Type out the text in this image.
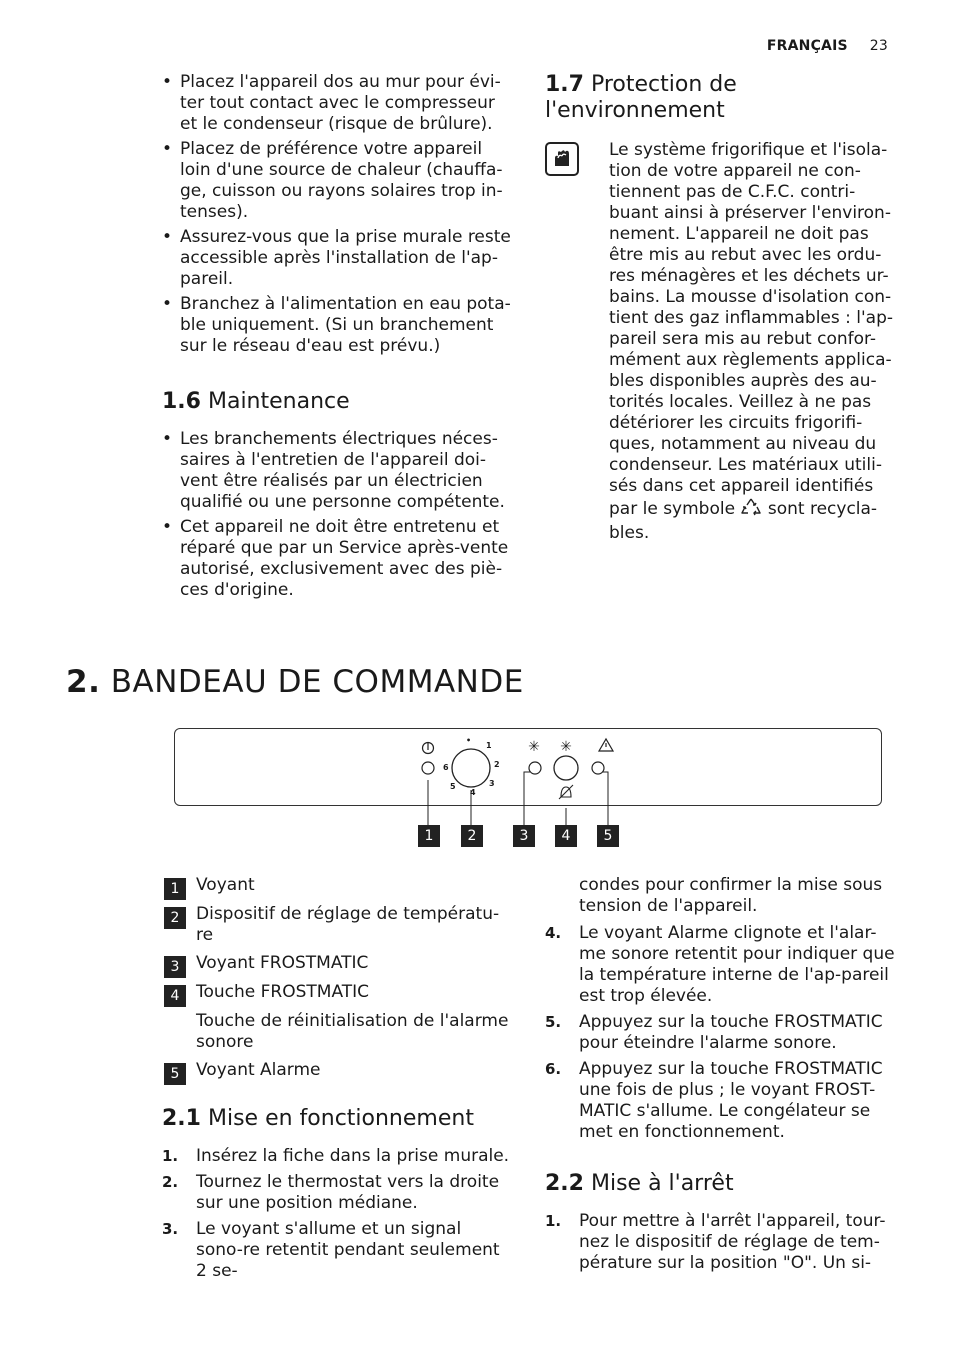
FRANÇAIS 23
• Placez l'appareil dos au mur pour évi-ter tout contact avec le compresseur et le condenseur (risque de brûlure).
• Placez de préférence votre appareil loin d'une source de chaleur (chauffa-ge, cuisson ou rayons solaires trop in-tenses).
• Assurez-vous que la prise murale reste accessible après l'installation de l'ap-pareil.
• Branchez à l'alimentation en eau pota-ble uniquement. (Si un branchement sur le réseau d'eau est prévu.)
1.6 Maintenance
• Les branchements électriques néces-saires à l'entretien de l'appareil doi-vent être réalisés par un électricien qualifié ou une personne compétente.
• Cet appareil ne doit être entretenu et réparé que par un Service après-vente autorisé, exclusivement avec des piè-ces d'origine.
1.7 Protection de l'environnement
Le système frigorifique et l'isola-tion de votre appareil ne con-tiennent pas de C.F.C. contri-buant ainsi à préserver l'environ-nement. L'appareil ne doit pas être mis au rebut avec les ordu-res ménagères et les déchets ur-bains. La mousse d'isolation con-tient des gaz inflammables : l'ap-pareil sera mis au rebut confor-mément aux règlements applica-bles disponibles auprès des au-torités locales. Veillez à ne pas détériorer les circuits frigorifi-ques, notamment au niveau du condenseur. Les matériaux utili-sés dans cet appareil identifiés par le symbole sont recycla-bles.
2. BANDEAU DE COMMANDE
✳ ✳
•
1
2
3
4
5
6
1	2	3	4	5
1 Voyant
2 Dispositif de réglage de températu-re
3 Voyant FROSTMATIC
4 Touche FROSTMATIC
Touche de réinitialisation de l'alarme sonore
5 Voyant Alarme
2.1 Mise en fonctionnement
1. Insérez la fiche dans la prise murale.
2. Tournez le thermostat vers la droite sur une position médiane.
3. Le voyant s'allume et un signal sono-re retentit pendant seulement 2 se-
condes pour confirmer la mise sous tension de l'appareil.
4. Le voyant Alarme clignote et l'alar-me sonore retentit pour indiquer que la température interne de l'ap-pareil est trop élevée.
5. Appuyez sur la touche FROSTMATIC pour éteindre l'alarme sonore.
6. Appuyez sur la touche FROSTMATIC une fois de plus ; le voyant FROST-MATIC s'allume. Le congélateur se met en fonctionnement.
2.2 Mise à l'arrêt
1. Pour mettre à l'arrêt l'appareil, tour-nez le dispositif de réglage de tem-pérature sur la position "O". Un si-
